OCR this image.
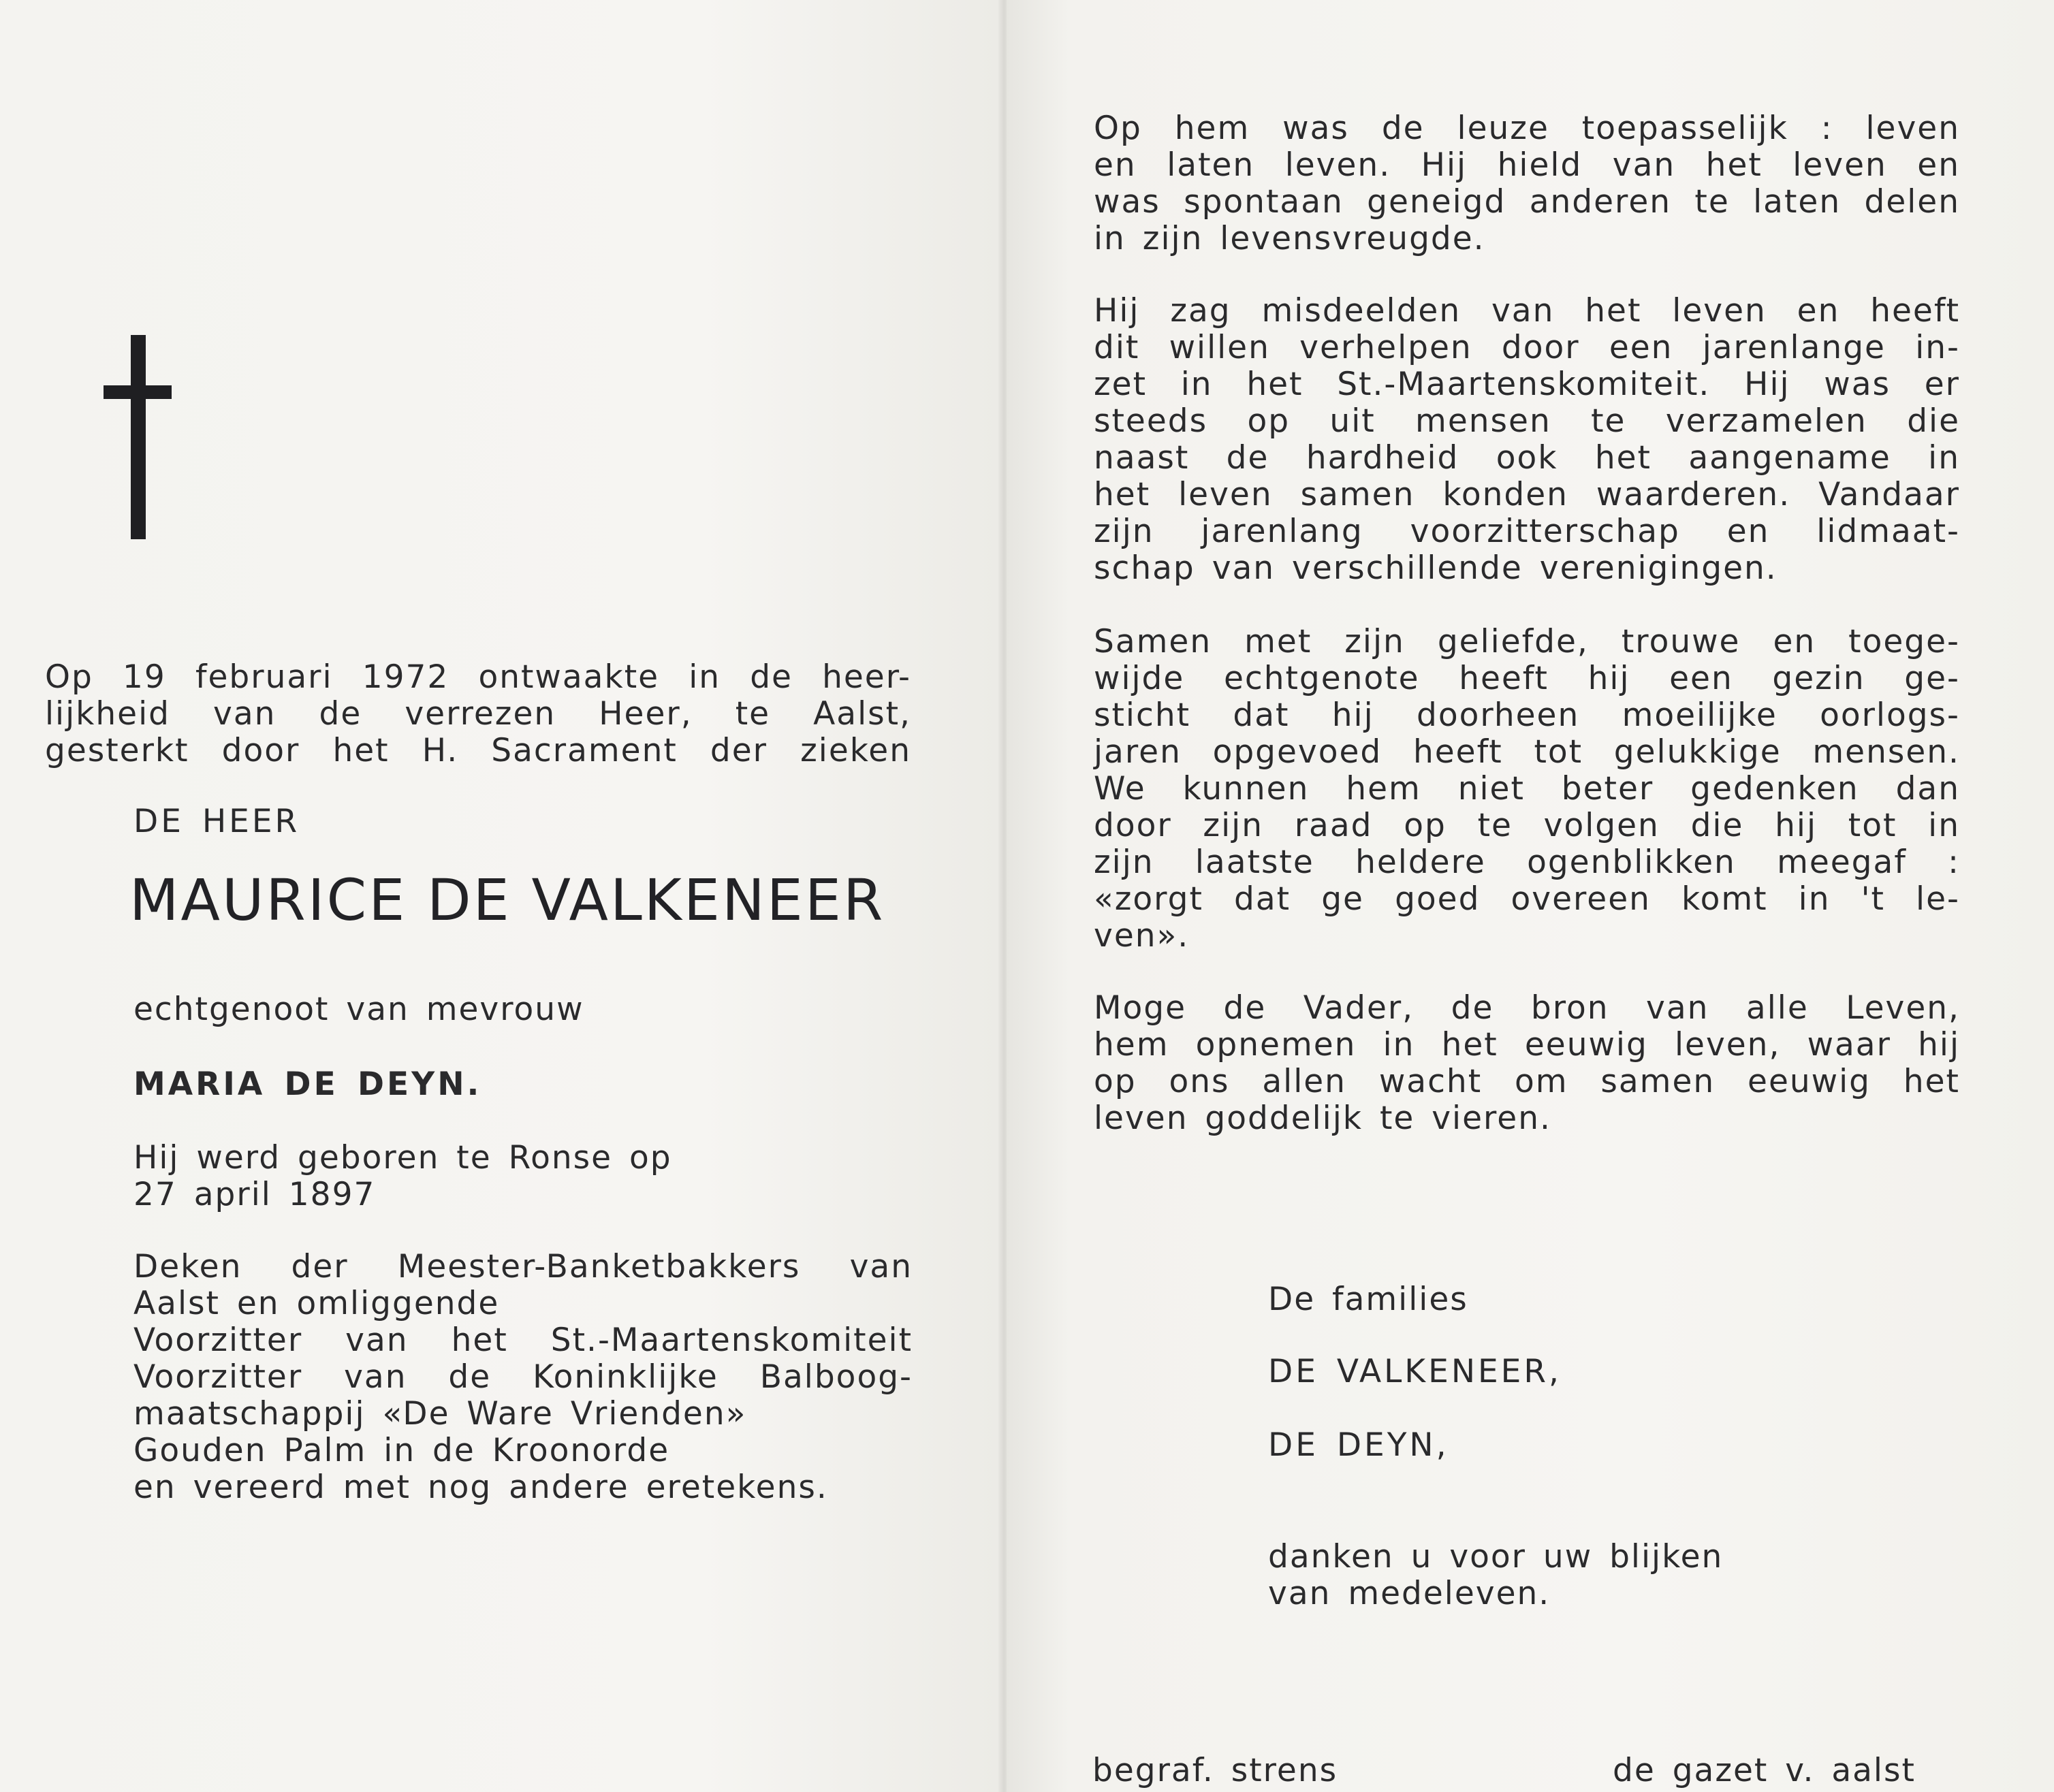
Op 19 februari 1972 ontwaakte in de heer-
lijkheid van de verrezen Heer, te Aalst,
gesterkt door het H. Sacrament der zieken
DE HEER
MAURICE DE VALKENEER
echtgenoot van mevrouw
MARIA DE DEYN.
Hij werd geboren te Ronse op
27 april 1897
Deken der Meester-Banketbakkers van
Aalst en omliggende
Voorzitter van het St.-Maartenskomiteit
Voorzitter van de Koninklijke Balboog-
maatschappij «De Ware Vrienden»
Gouden Palm in de Kroonorde
en vereerd met nog andere eretekens.
Op hem was de leuze toepasselijk : leven
en laten leven. Hij hield van het leven en
was spontaan geneigd anderen te laten delen
in zijn levensvreugde.
Hij zag misdeelden van het leven en heeft
dit willen verhelpen door een jarenlange in-
zet in het St.-Maartenskomiteit. Hij was er
steeds op uit mensen te verzamelen die
naast de hardheid ook het aangename in
het leven samen konden waarderen. Vandaar
zijn jarenlang voorzitterschap en lidmaat-
schap van verschillende verenigingen.
Samen met zijn geliefde, trouwe en toege-
wijde echtgenote heeft hij een gezin ge-
sticht dat hij doorheen moeilijke oorlogs-
jaren opgevoed heeft tot gelukkige mensen.
We kunnen hem niet beter gedenken dan
door zijn raad op te volgen die hij tot in
zijn laatste heldere ogenblikken meegaf :
«zorgt dat ge goed overeen komt in 't le-
ven».
Moge de Vader, de bron van alle Leven,
hem opnemen in het eeuwig leven, waar hij
op ons allen wacht om samen eeuwig het
leven goddelijk te vieren.
De families
DE VALKENEER,
DE DEYN,
danken u voor uw blijken
van medeleven.
begraf. strens	de gazet v. aalst
